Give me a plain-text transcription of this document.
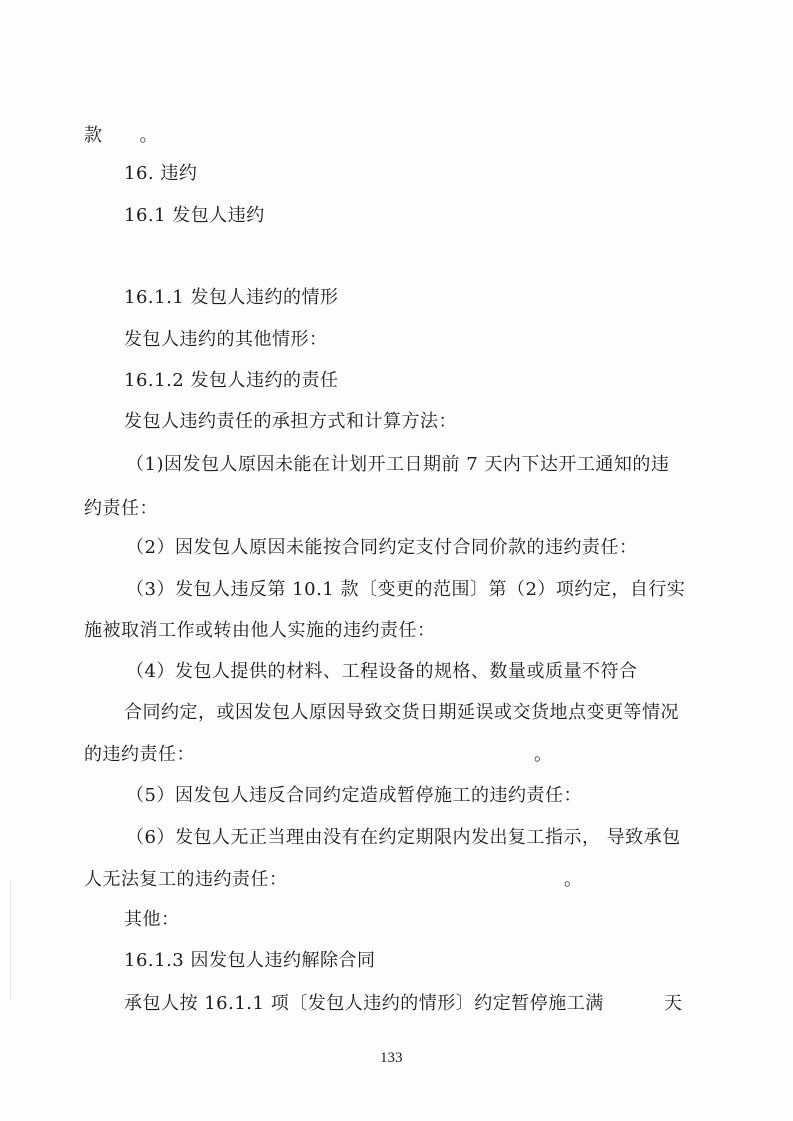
款　　。
16. 违约
16.1 发包人违约
16.1.1 发包人违约的情形
发包人违约的其他情形：
16.1.2 发包人违约的责任
发包人违约责任的承担方式和计算方法：
（1)因发包人原因未能在计划开工日期前 7 天内下达开工通知的违
约责任：
（2）因发包人原因未能按合同约定支付合同价款的违约责任：
（3）发包人违反第 10.1 款〔变更的范围〕第（2）项约定，自行实
施被取消工作或转由他人实施的违约责任：
（4）发包人提供的材料、工程设备的规格、数量或质量不符合
合同约定，或因发包人原因导致交货日期延误或交货地点变更等情况
的违约责任：	。
（5）因发包人违反合同约定造成暂停施工的违约责任：
（6）发包人无正当理由没有在约定期限内发出复工指示， 导致承包
人无法复工的违约责任：	。
其他：
16.1.3 因发包人违约解除合同
承包人按 16.1.1 项〔发包人违约的情形〕约定暂停施工满	天
133
